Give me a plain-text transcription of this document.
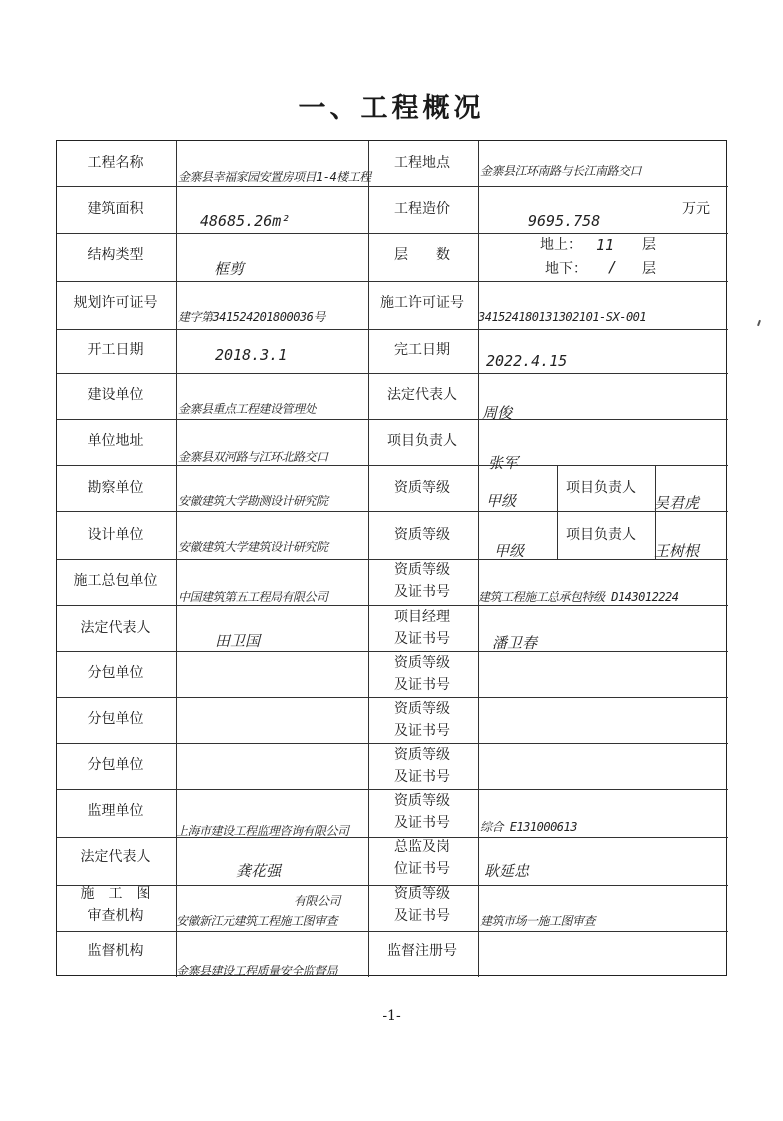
一、工程概况
工程名称
建筑面积
结构类型
规划许可证号
开工日期
建设单位
单位地址
勘察单位
设计单位
施工总包单位
法定代表人
分包单位
分包单位
分包单位
监理单位
法定代表人
施　工　图
审查机构
监督机构
金寨县幸福家园安置房项目1-4楼工程
48685.26m²
框剪
建字第341524201800036号
2018.3.1
金寨县重点工程建设管理处
金寨县双河路与江环北路交口
安徽建筑大学勘测设计研究院
安徽建筑大学建筑设计研究院
中国建筑第五工程局有限公司
田卫国
上海市建设工程监理咨询有限公司
龚花强
有限公司
安徽新江元建筑工程施工图审查
金寨县建设工程质量安全监督局
工程地点
工程造价
层　　数
施工许可证号
完工日期
法定代表人
项目负责人
资质等级
资质等级
资质等级
及证书号
项目经理
及证书号
资质等级
及证书号
资质等级
及证书号
资质等级
及证书号
资质等级
及证书号
总监及岗
位证书号
资质等级
及证书号
监督注册号
金寨县江环南路与长江南路交口
9695.758
万元
地上： 11 层
地下： / 层
341524180131302101-SX-001
2022.4.15
周俊
张军
甲级
项目负责人
吴君虎
甲级
项目负责人
王树根
建筑工程施工总承包特级 D143012224
潘卫春
综合 E131000613
耿延忠
建筑市场一施工图审查
-1-
